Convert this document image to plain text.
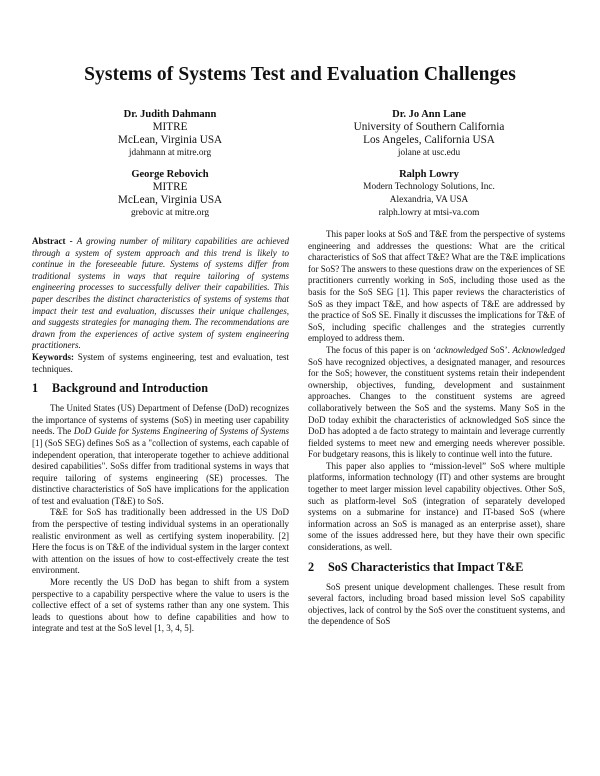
Systems of Systems Test and Evaluation Challenges
Dr. Judith Dahmann
MITRE
McLean, Virginia USA
jdahmann at mitre.org
Dr. Jo Ann Lane
University of Southern California
Los Angeles, California USA
jolane at usc.edu
George Rebovich
MITRE
McLean, Virginia USA
grebovic at mitre.org
Ralph Lowry
Modern Technology Solutions, Inc.
Alexandria, VA USA
ralph.lowry at mtsi-va.com

Abstract - A growing number of military capabilities are achieved through a system of system approach and this trend is likely to continue in the foreseeable future. Systems of systems differ from traditional systems in ways that require tailoring of systems engineering processes to successfully deliver their capabilities. This paper describes the distinct characteristics of systems of systems that impact their test and evaluation, discusses their unique challenges, and suggests strategies for managing them. The recommendations are drawn from the experiences of active system of system engineering practitioners.

Keywords: System of systems engineering, test and evaluation, test techniques.

1 Background and Introduction

The United States (US) Department of Defense (DoD) recognizes the importance of systems of systems (SoS) in meeting user capability needs. The DoD Guide for Systems Engineering of Systems of Systems [1] (SoS SEG) defines SoS as a "collection of systems, each capable of independent operation, that interoperate together to achieve additional desired capabilities". SoSs differ from traditional systems in ways that require tailoring of systems engineering (SE) processes. The distinctive characteristics of SoS have implications for the application of test and evaluation (T&E) to SoS.

T&E for SoS has traditionally been addressed in the US DoD from the perspective of testing individual systems in an operationally realistic environment as well as certifying system inoperability. [2] Here the focus is on T&E of the individual system in the larger context with attention on the issues of how to cost-effectively create the test environment.

More recently the US DoD has began to shift from a system perspective to a capability perspective where the value to users is the collective effect of a set of systems rather than any one system. This leads to questions about how to define capabilities and how to integrate and test at the SoS level [1, 3, 4, 5].

This paper looks at SoS and T&E from the perspective of systems engineering and addresses the questions: What are the critical characteristics of SoS that affect T&E? What are the T&E implications for SoS? The answers to these questions draw on the experiences of SE practitioners currently working in SoS, including those used as the basis for the SoS SEG [1]. This paper reviews the characteristics of SoS as they impact T&E, and how aspects of T&E are addressed by the practice of SoS SE. Finally it discusses the implications for T&E of SoS, including specific challenges and the strategies currently employed to address them.

The focus of this paper is on ‘acknowledged SoS’. Acknowledged SoS have recognized objectives, a designated manager, and resources for the SoS; however, the constituent systems retain their independent ownership, objectives, funding, development and sustainment approaches. Changes to the constituent systems are agreed collaboratively between the SoS and the systems. Many SoS in the DoD today exhibit the characteristics of acknowledged SoS since the DoD has adopted a de facto strategy to maintain and leverage currently fielded systems to meet new and emerging needs wherever possible. For budgetary reasons, this is likely to continue well into the future.

This paper also applies to “mission-level” SoS where multiple platforms, information technology (IT) and other systems are brought together to meet larger mission level capability objectives. Other SoS, such as platform-level SoS (integration of separately developed systems on a submarine for instance) and IT-based SoS (where information across an SoS is managed as an enterprise asset), share some of the issues addressed here, but they have their own specific considerations, as well.

2 SoS Characteristics that Impact T&E

SoS present unique development challenges. These result from several factors, including broad based mission level SoS capability objectives, lack of control by the SoS over the constituent systems, and the dependence of SoS
